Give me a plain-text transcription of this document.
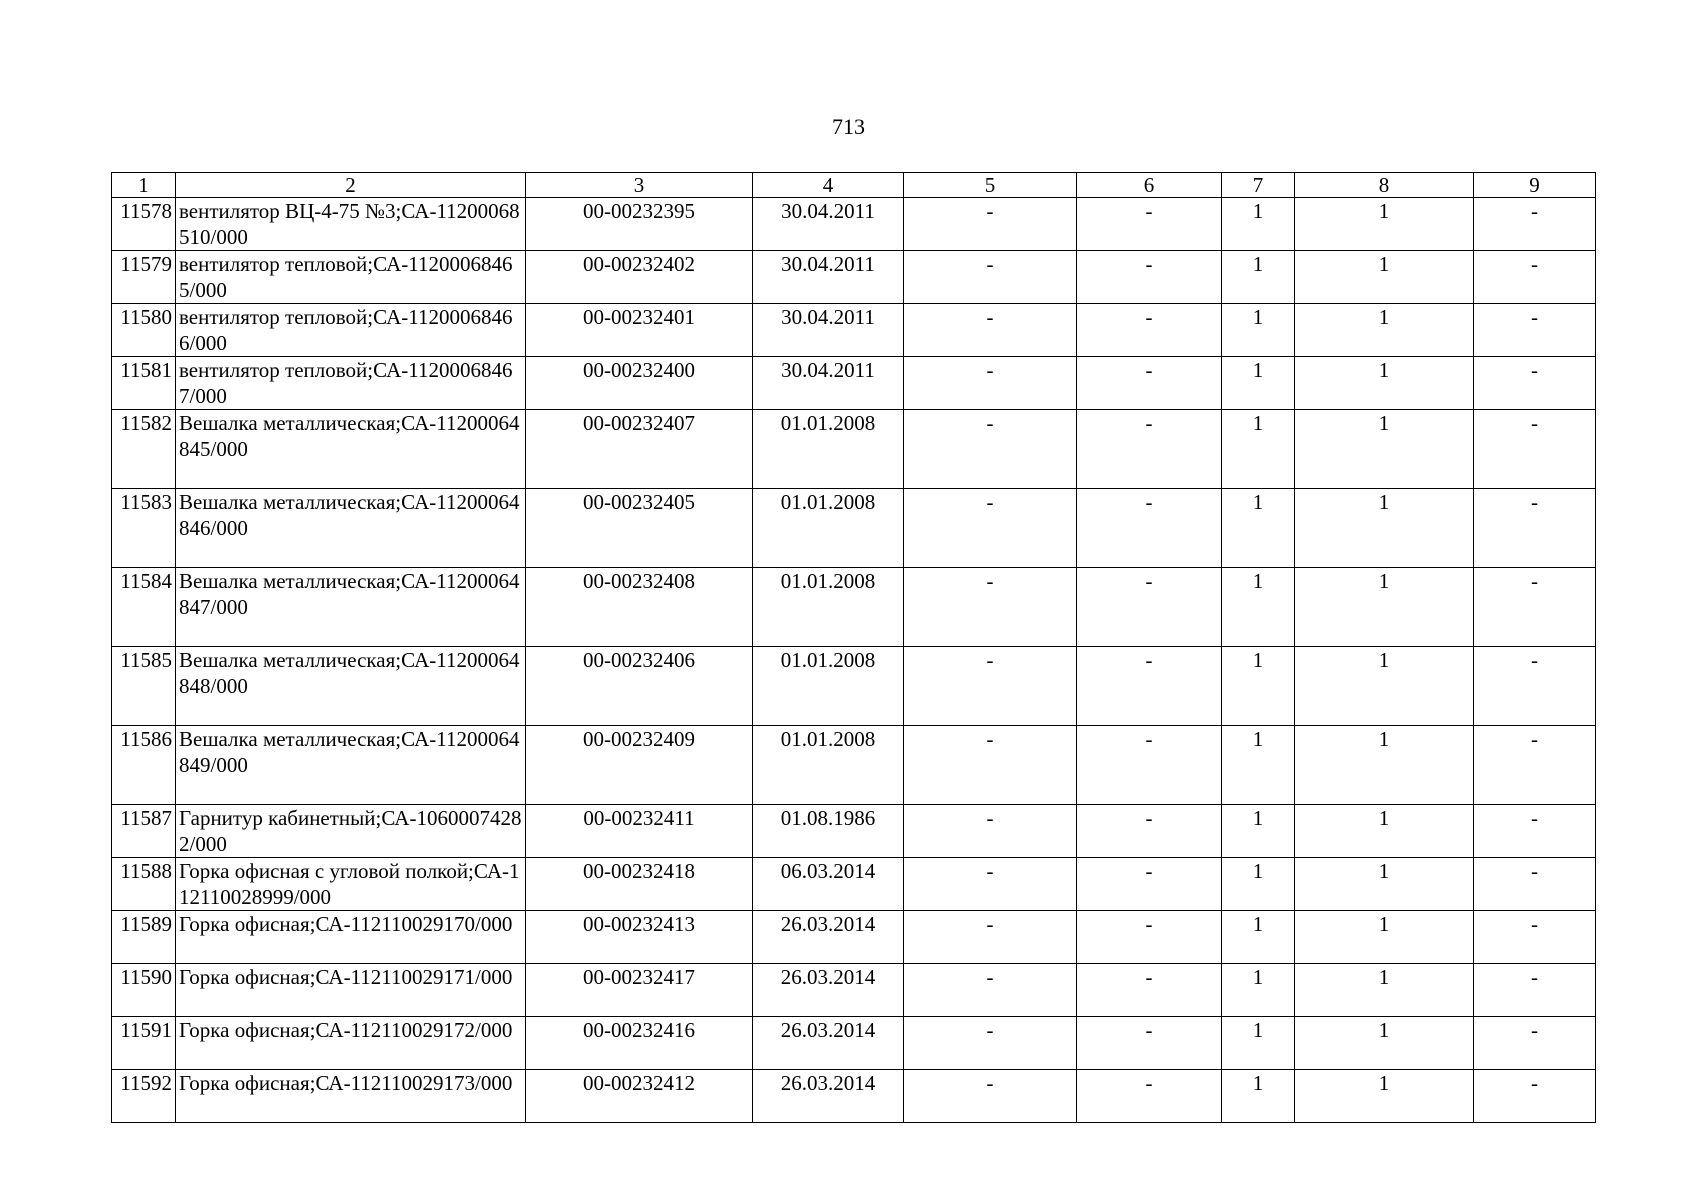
713
1	2	3	4	5	6	7	8	9
11578	вентилятор ВЦ-4-75 №3;СА-11200068510/000	00-00232395	30.04.2011	-	-	1	1	-
11579	вентилятор тепловой;СА-11200068465/000	00-00232402	30.04.2011	-	-	1	1	-
11580	вентилятор тепловой;СА-11200068466/000	00-00232401	30.04.2011	-	-	1	1	-
11581	вентилятор тепловой;СА-11200068467/000	00-00232400	30.04.2011	-	-	1	1	-
11582	Вешалка металлическая;СА-11200064845/000	00-00232407	01.01.2008	-	-	1	1	-
11583	Вешалка металлическая;СА-11200064846/000	00-00232405	01.01.2008	-	-	1	1	-
11584	Вешалка металлическая;СА-11200064847/000	00-00232408	01.01.2008	-	-	1	1	-
11585	Вешалка металлическая;СА-11200064848/000	00-00232406	01.01.2008	-	-	1	1	-
11586	Вешалка металлическая;СА-11200064849/000	00-00232409	01.01.2008	-	-	1	1	-
11587	Гарнитур кабинетный;СА-10600074282/000	00-00232411	01.08.1986	-	-	1	1	-
11588	Горка офисная с угловой полкой;СА-112110028999/000	00-00232418	06.03.2014	-	-	1	1	-
11589	Горка офисная;СА-112110029170/000	00-00232413	26.03.2014	-	-	1	1	-
11590	Горка офисная;СА-112110029171/000	00-00232417	26.03.2014	-	-	1	1	-
11591	Горка офисная;СА-112110029172/000	00-00232416	26.03.2014	-	-	1	1	-
11592	Горка офисная;СА-112110029173/000	00-00232412	26.03.2014	-	-	1	1	-
